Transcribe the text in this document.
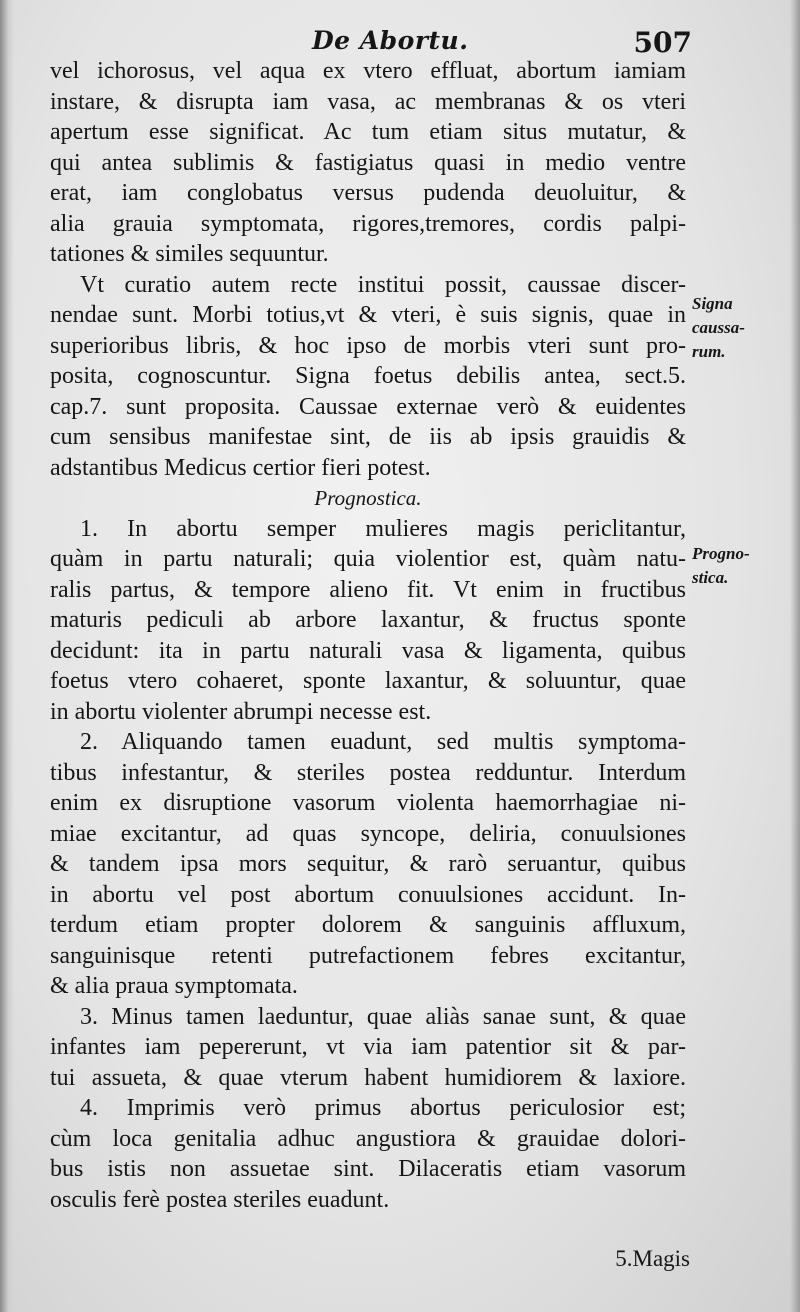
De Abortu.	507
vel ichorosus, vel aqua ex vtero effluat, abortum iamiam
instare, & disrupta iam vasa, ac membranas & os vteri
apertum esse significat. Ac tum etiam situs mutatur, &
qui antea sublimis & fastigiatus quasi in medio ventre
erat, iam conglobatus versus pudenda deuoluitur, &
alia grauia symptomata, rigores,tremores, cordis palpi-
tationes & similes sequuntur.
Vt curatio autem recte institui possit, caussae discer-
nendae sunt. Morbi totius,vt & vteri, è suis signis, quae in
superioribus libris, & hoc ipso de morbis vteri sunt pro-
posita, cognoscuntur. Signa foetus debilis antea, sect.5.
cap.7. sunt proposita. Caussae externae verò & euidentes
cum sensibus manifestae sint, de iis ab ipsis grauidis &
adstantibus Medicus certior fieri potest.
Prognostica.
1. In abortu semper mulieres magis periclitantur,
quàm in partu naturali; quia violentior est, quàm natu-
ralis partus, & tempore alieno fit. Vt enim in fructibus
maturis pediculi ab arbore laxantur, & fructus sponte
decidunt: ita in partu naturali vasa & ligamenta, quibus
foetus vtero cohaeret, sponte laxantur, & soluuntur, quae
in abortu violenter abrumpi necesse est.
2. Aliquando tamen euadunt, sed multis symptoma-
tibus infestantur, & steriles postea redduntur. Interdum
enim ex disruptione vasorum violenta haemorrhagiae ni-
miae excitantur, ad quas syncope, deliria, conuulsiones
& tandem ipsa mors sequitur, & rarò seruantur, quibus
in abortu vel post abortum conuulsiones accidunt. In-
terdum etiam propter dolorem & sanguinis affluxum,
sanguinisque retenti putrefactionem febres excitantur,
& alia praua symptomata.
3. Minus tamen laeduntur, quae aliàs sanae sunt, & quae
infantes iam pepererunt, vt via iam patentior sit & par-
tui assueta, & quae vterum habent humidiorem & laxiore.
4. Imprimis verò primus abortus periculosior est;
cùm loca genitalia adhuc angustiora & grauidae dolori-
bus istis non assuetae sint. Dilaceratis etiam vasorum
osculis ferè postea steriles euadunt.
Signa
caussa-
rum.
Progno-
stica.
5.Magis
